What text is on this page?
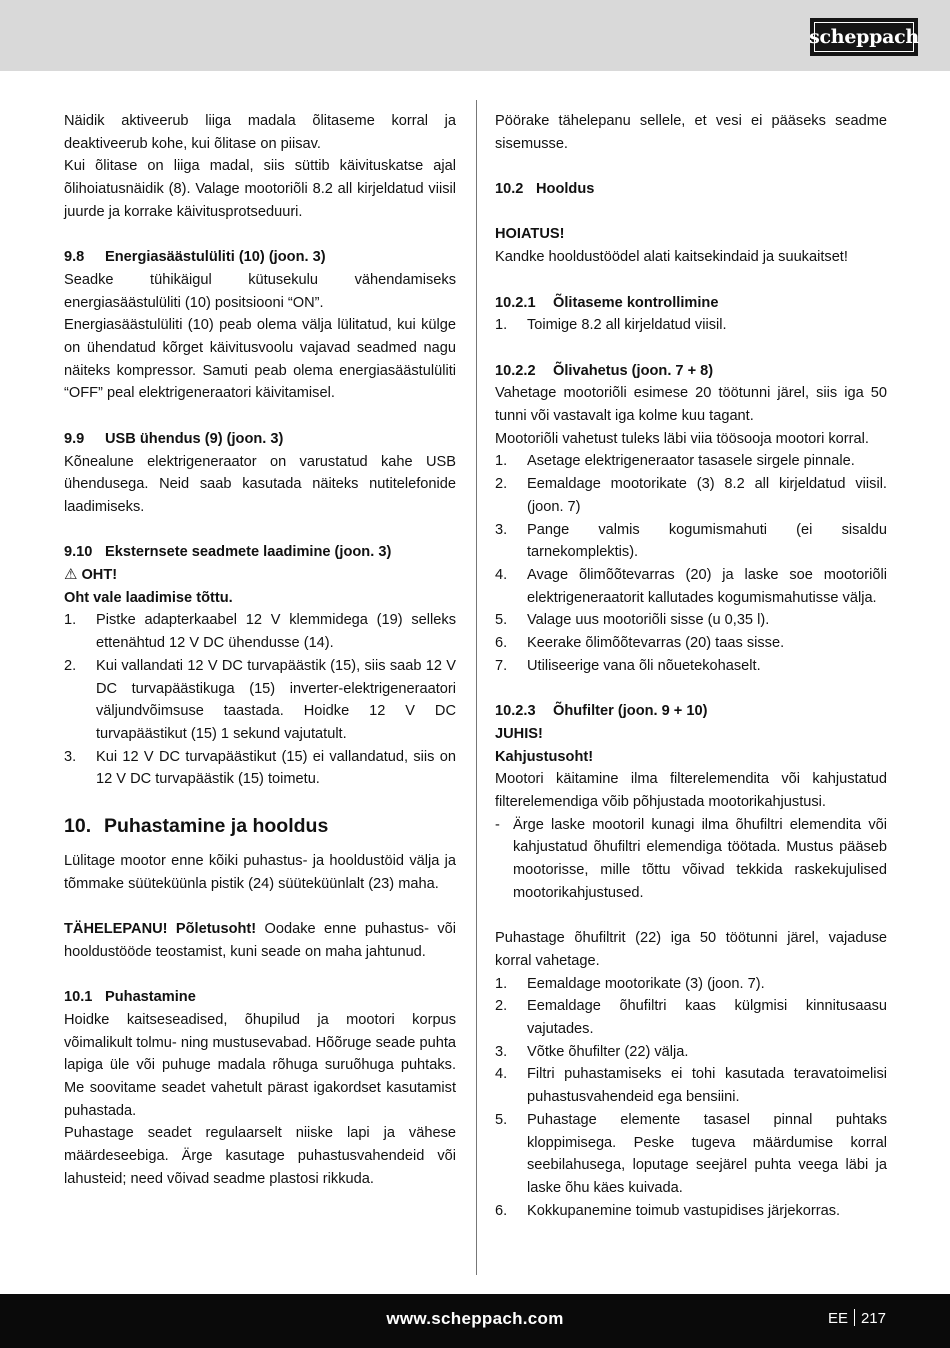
scheppach

Näidik aktiveerub liiga madala õlitaseme korral ja deaktiveerub kohe, kui õlitase on piisav.

Kui õlitase on liiga madal, siis süttib käivituskatse ajal õlihoiatusnäidik (8). Valage mootoriõli 8.2 all kirjeldatud viisil juurde ja korrake käivitusprotseduuri.

9.8 Energiasäästulüliti (10) (joon. 3)

Seadke tühikäigul kütusekulu vähendamiseks energiasäästulüliti (10) positsiooni “ON”.

Energiasäästulüliti (10) peab olema välja lülitatud, kui külge on ühendatud kõrget käivitusvoolu vajavad seadmed nagu näiteks kompressor. Samuti peab olema energiasäästulüliti “OFF” peal elektrigeneraatori käivitamisel.

9.9 USB ühendus (9) (joon. 3)

Kõnealune elektrigeneraator on varustatud kahe USB ühendusega. Neid saab kasutada näiteks nutitelefonide laadimiseks.

9.10 Eksternsete seadmete laadimine (joon. 3)

⚠ OHT!

Oht vale laadimise tõttu.

1.	Pistke adapterkaabel 12 V klemmidega (19) selleks ettenähtud 12 V DC ühendusse (14).
2.	Kui vallandati 12 V DC turvapäästik (15), siis saab 12 V DC turvapäästikuga (15) inverter-elektrigeneraatori väljundvõimsuse taastada. Hoidke 12 V DC turvapäästikut (15) 1 sekund vajutatult.
3.	Kui 12 V DC turvapäästikut (15) ei vallandatud, siis on 12 V DC turvapäästik (15) toimetu.

10. Puhastamine ja hooldus

Lülitage mootor enne kõiki puhastus- ja hooldustöid välja ja tõmmake süüteküünla pistik (24) süüteküünlalt (23) maha.

TÄHELEPANU! Põletusoht! Oodake enne puhastus- või hooldustööde teostamist, kuni seade on maha jahtunud.

10.1 Puhastamine

Hoidke kaitseseadised, õhupilud ja mootori korpus võimalikult tolmu- ning mustusevabad. Hõõruge seade puhta lapiga üle või puhuge madala rõhuga suruõhuga puhtaks. Me soovitame seadet vahetult pärast igakordset kasutamist puhastada.

Puhastage seadet regulaarselt niiske lapi ja vähese määrdeseebiga. Ärge kasutage puhastusvahendeid või lahusteid; need võivad seadme plastosi rikkuda.

Pöörake tähelepanu sellele, et vesi ei pääseks seadme sisemusse.

10.2 Hooldus

HOIATUS!

Kandke hooldustöödel alati kaitsekindaid ja suukaitset!

10.2.1 Õlitaseme kontrollimine

1.	Toimige 8.2 all kirjeldatud viisil.

10.2.2 Õlivahetus (joon. 7 + 8)

Vahetage mootoriõli esimese 20 töötunni järel, siis iga 50 tunni või vastavalt iga kolme kuu tagant.

Mootoriõli vahetust tuleks läbi viia töösooja mootori korral.

1.	Asetage elektrigeneraator tasasele sirgele pinnale.
2.	Eemaldage mootorikate (3) 8.2 all kirjeldatud viisil. (joon. 7)
3.	Pange valmis kogumismahuti (ei sisaldu tarnekomplektis).
4.	Avage õlimõõtevarras (20) ja laske soe mootoriõli elektrigeneraatorit kallutades kogumismahutisse välja.
5.	Valage uus mootoriõli sisse (u 0,35 l).
6.	Keerake õlimõõtevarras (20) taas sisse.
7.	Utiliseerige vana õli nõuetekohaselt.

10.2.3 Õhufilter (joon. 9 + 10)

JUHIS!

Kahjustusoht!

Mootori käitamine ilma filterelemendita või kahjustatud filterelemendiga võib põhjustada mootorikahjustusi.

- Ärge laske mootoril kunagi ilma õhufiltri elemendita või kahjustatud õhufiltri elemendiga töötada. Mustus pääseb mootorisse, mille tõttu võivad tekkida raskekujulised mootorikahjustused.

Puhastage õhufiltrit (22) iga 50 töötunni järel, vajaduse korral vahetage.

1.	Eemaldage mootorikate (3) (joon. 7).
2.	Eemaldage õhufiltri kaas külgmisi kinnitusaasu vajutades.
3.	Võtke õhufilter (22) välja.
4.	Filtri puhastamiseks ei tohi kasutada teravatoimelisi puhastusvahendeid ega bensiini.
5.	Puhastage elemente tasasel pinnal puhtaks kloppimisega. Peske tugeva määrdumise korral seebilahusega, loputage seejärel puhta veega läbi ja laske õhu käes kuivada.
6.	Kokkupanemine toimub vastupidises järjekorras.
www.scheppach.com	EE 217
